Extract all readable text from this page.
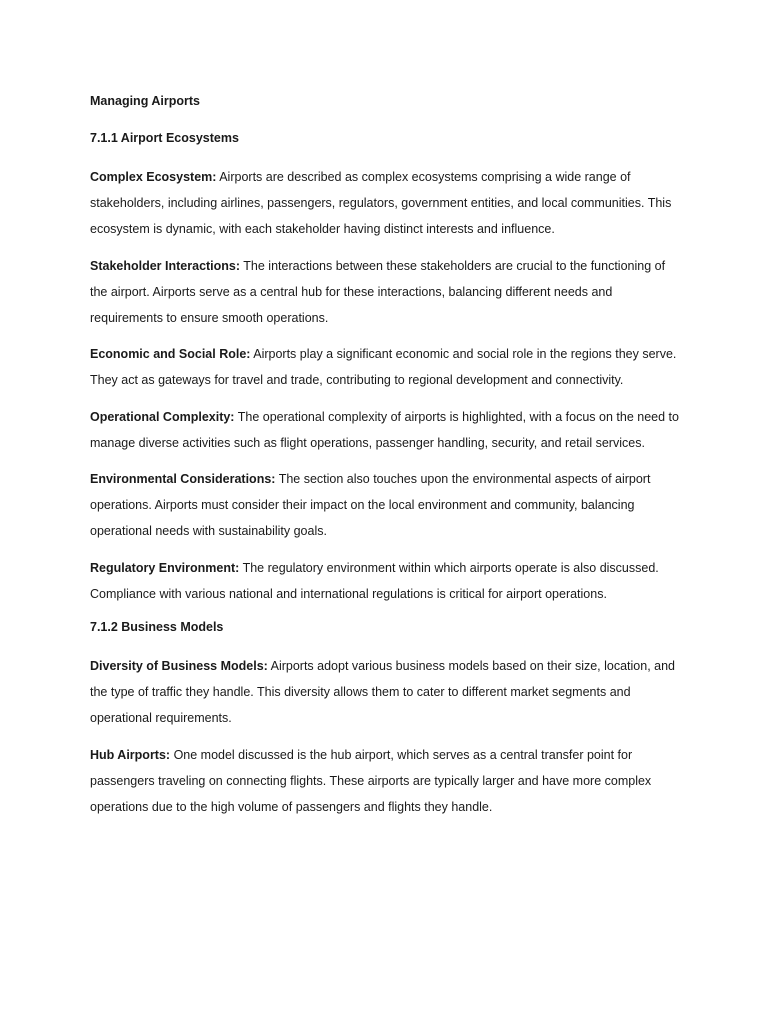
Managing Airports
7.1.1 Airport Ecosystems

Complex Ecosystem: Airports are described as complex ecosystems comprising a wide range of stakeholders, including airlines, passengers, regulators, government entities, and local communities. This ecosystem is dynamic, with each stakeholder having distinct interests and influence.

Stakeholder Interactions: The interactions between these stakeholders are crucial to the functioning of the airport. Airports serve as a central hub for these interactions, balancing different needs and requirements to ensure smooth operations.

Economic and Social Role: Airports play a significant economic and social role in the regions they serve. They act as gateways for travel and trade, contributing to regional development and connectivity.

Operational Complexity: The operational complexity of airports is highlighted, with a focus on the need to manage diverse activities such as flight operations, passenger handling, security, and retail services.

Environmental Considerations: The section also touches upon the environmental aspects of airport operations. Airports must consider their impact on the local environment and community, balancing operational needs with sustainability goals.

Regulatory Environment: The regulatory environment within which airports operate is also discussed. Compliance with various national and international regulations is critical for airport operations.

7.1.2 Business Models

Diversity of Business Models: Airports adopt various business models based on their size, location, and the type of traffic they handle. This diversity allows them to cater to different market segments and operational requirements.

Hub Airports: One model discussed is the hub airport, which serves as a central transfer point for passengers traveling on connecting flights. These airports are typically larger and have more complex operations due to the high volume of passengers and flights they handle.
